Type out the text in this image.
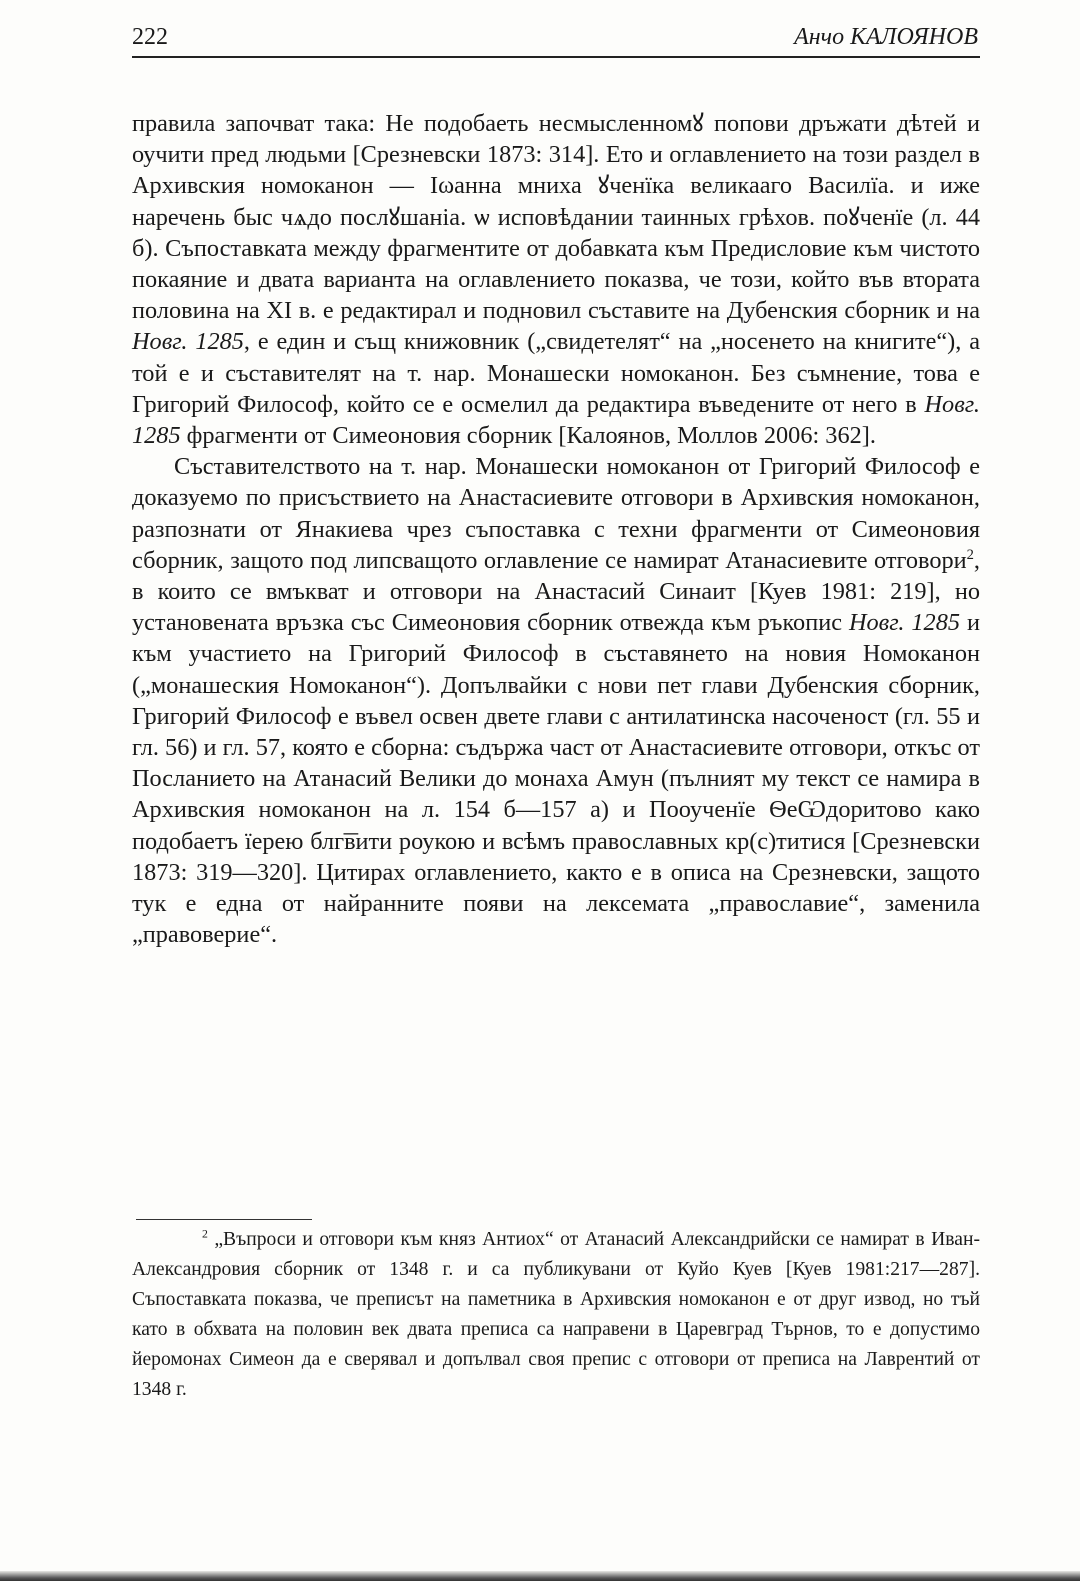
222	Анчо КАЛОЯНОВ

правила започват така: Не подобаеть несмысленномꙋ попови дръжати дѣтей и оучити пред людьми [Срезневски 1873: 314]. Ето и оглавлението на този раздел в Архивския номоканон — Iωанна мниха ꙋченїка великааго Василїа. и иже наречень быс чѧдо послꙋшанiа. ѡ исповѣдании таинных грѣхов. поꙋченїе (л. 44 б). Съпоставката между фрагментите от добавката към Предисловие към чистото покаяние и двата варианта на оглавлението показва, че този, който във втората половина на XI в. е редактирал и подновил съставите на Дубенския сборник и на Новг. 1285, е един и същ книжовник („свидетелят“ на „носенето на книгите“), а той е и съставителят на т. нар. Монашески номоканон. Без съмнение, това е Григорий Философ, който се е осмелил да редактира въведените от него в Новг. 1285 фрагменти от Симеоновия сборник [Калоянов, Моллов 2006: 362].

Съставителството на т. нар. Монашески номоканон от Григорий Философ е доказуемо по присъствието на Анастасиевите отговори в Архивския номоканон, разпознати от Янакиева чрез съпоставка с техни фрагменти от Симеоновия сборник, защото под липсващото оглавление се намират Атанасиевите отговори$^2$, в които се вмъкват и отговори на Анастасий Синаит [Куев 1981: 219], но установената връзка със Симеоновия сборник отвежда към ръкопис Новг. 1285 и към участието на Григорий Философ в съставянето на новия Номоканон („монашеския Номоканон“). Допълвайки с нови пет глави Дубенския сборник, Григорий Философ е въвел освен двете глави с антилатинска насоченост (гл. 55 и гл. 56) и гл. 57, която е сборна: съдържа част от Анастасиевите отговори, откъс от Посланието на Атанасий Велики до монаха Амун (пълният му текст се намира в Архивския номоканон на л. 154 б—157 а) и Пооученїе ѲеѠдоритово како подобаетъ їерею блг͞вити роукою и всѣмъ православных кр(с)титися [Срезневски 1873: 319—320]. Цитирах оглавлението, както е в описа на Срезневски, защото тук е една от найранните появи на лексемата „православие“, заменила „правоверие“.

$^2$ „Въпроси и отговори към княз Антиох“ от Атанасий Александрийски се намират в Иван-Александровия сборник от 1348 г. и са публикувани от Куйо Куев [Куев 1981:217—287]. Съпоставката показва, че преписът на паметника в Архивския номоканон е от друг извод, но тъй като в обхвата на половин век двата преписа са направени в Царевград Търнов, то е допустимо йеромонах Симеон да е сверявал и допълвал своя препис с отговори от преписа на Лаврентий от 1348 г.
